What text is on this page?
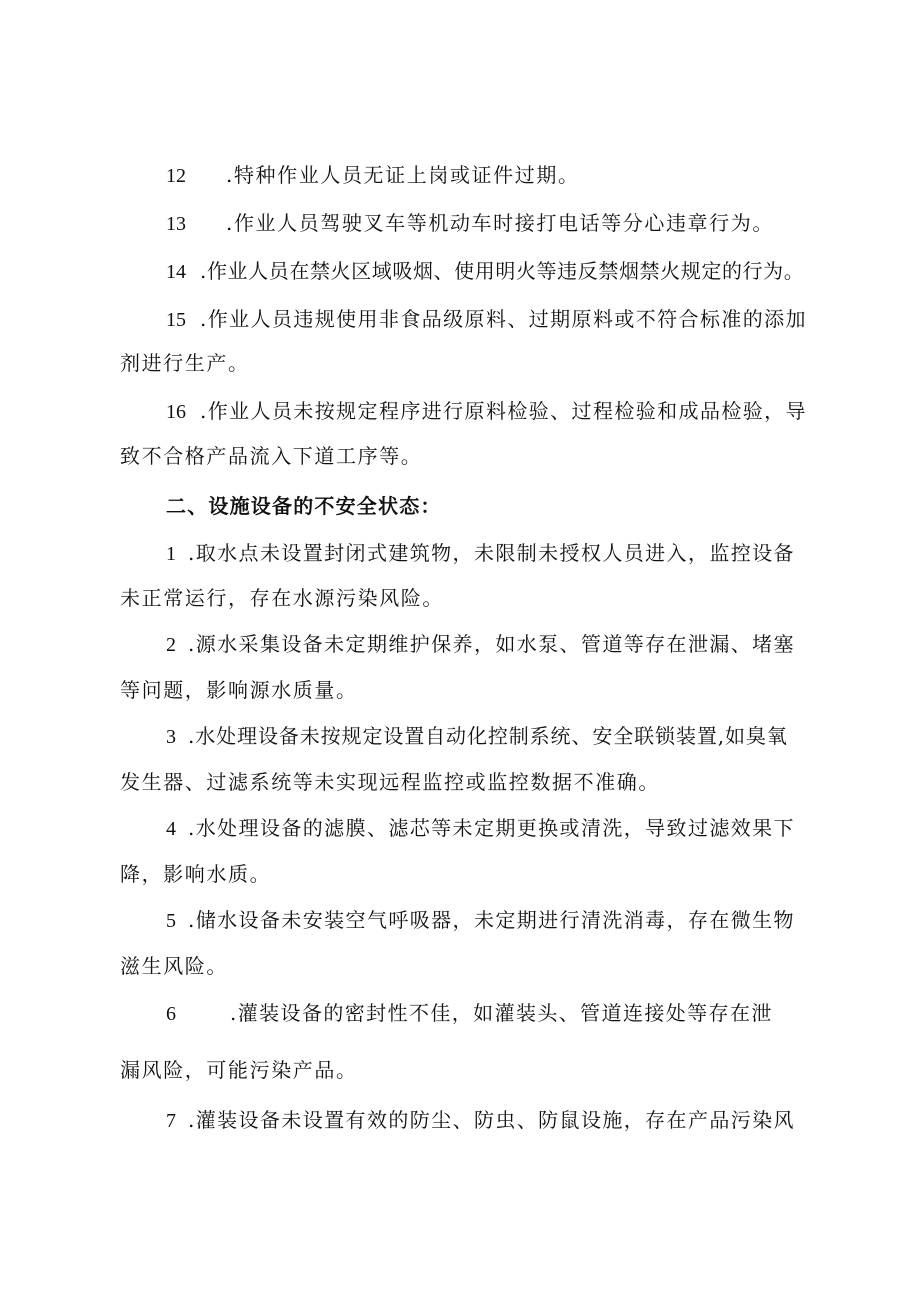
12 .特种作业人员无证上岗或证件过期。
13 .作业人员驾驶叉车等机动车时接打电话等分心违章行为。
14 .作业人员在禁火区域吸烟、使用明火等违反禁烟禁火规定的行为。
15 .作业人员违规使用非食品级原料、过期原料或不符合标准的添加
剂进行生产。
16 .作业人员未按规定程序进行原料检验、过程检验和成品检验，导
致不合格产品流入下道工序等。
二、设施设备的不安全状态：
1 .取水点未设置封闭式建筑物，未限制未授权人员进入，监控设备
未正常运行，存在水源污染风险。
2 .源水采集设备未定期维护保养，如水泵、管道等存在泄漏、堵塞
等问题，影响源水质量。
3 .水处理设备未按规定设置自动化控制系统、安全联锁装置,如臭氧
发生器、过滤系统等未实现远程监控或监控数据不准确。
4 .水处理设备的滤膜、滤芯等未定期更换或清洗，导致过滤效果下
降，影响水质。
5 .储水设备未安装空气呼吸器，未定期进行清洗消毒，存在微生物
滋生风险。
6	.灌装设备的密封性不佳，如灌装头、管道连接处等存在泄
漏风险，可能污染产品。
7 .灌装设备未设置有效的防尘、防虫、防鼠设施，存在产品污染风
